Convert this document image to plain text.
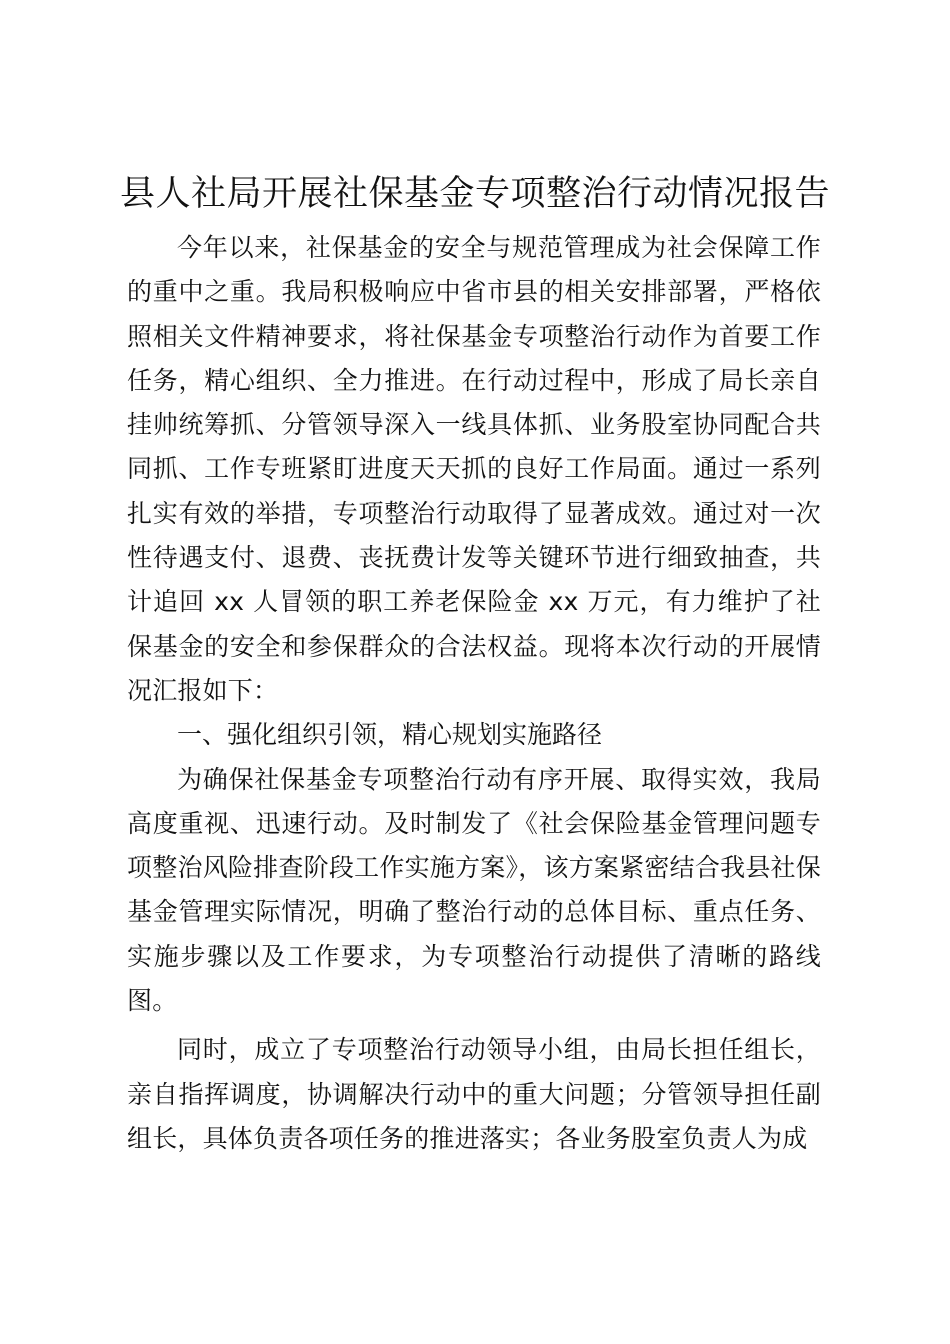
县人社局开展社保基金专项整治行动情况报告

今年以来，社保基金的安全与规范管理成为社会保障工作的重中之重。我局积极响应中省市县的相关安排部署，严格依照相关文件精神要求，将社保基金专项整治行动作为首要工作任务，精心组织、全力推进。在行动过程中，形成了局长亲自挂帅统筹抓、分管领导深入一线具体抓、业务股室协同配合共同抓、工作专班紧盯进度天天抓的良好工作局面。通过一系列扎实有效的举措，专项整治行动取得了显著成效。通过对一次性待遇支付、退费、丧抚费计发等关键环节进行细致抽查，共计追回 xx 人冒领的职工养老保险金 xx 万元，有力维护了社保基金的安全和参保群众的合法权益。现将本次行动的开展情况汇报如下：

一、强化组织引领，精心规划实施路径

为确保社保基金专项整治行动有序开展、取得实效，我局高度重视、迅速行动。及时制发了《社会保险基金管理问题专项整治风险排查阶段工作实施方案》，该方案紧密结合我县社保基金管理实际情况，明确了整治行动的总体目标、重点任务、实施步骤以及工作要求，为专项整治行动提供了清晰的路线图。

同时，成立了专项整治行动领导小组，由局长担任组长，亲自指挥调度，协调解决行动中的重大问题；分管领导担任副组长，具体负责各项任务的推进落实；各业务股室负责人为成
